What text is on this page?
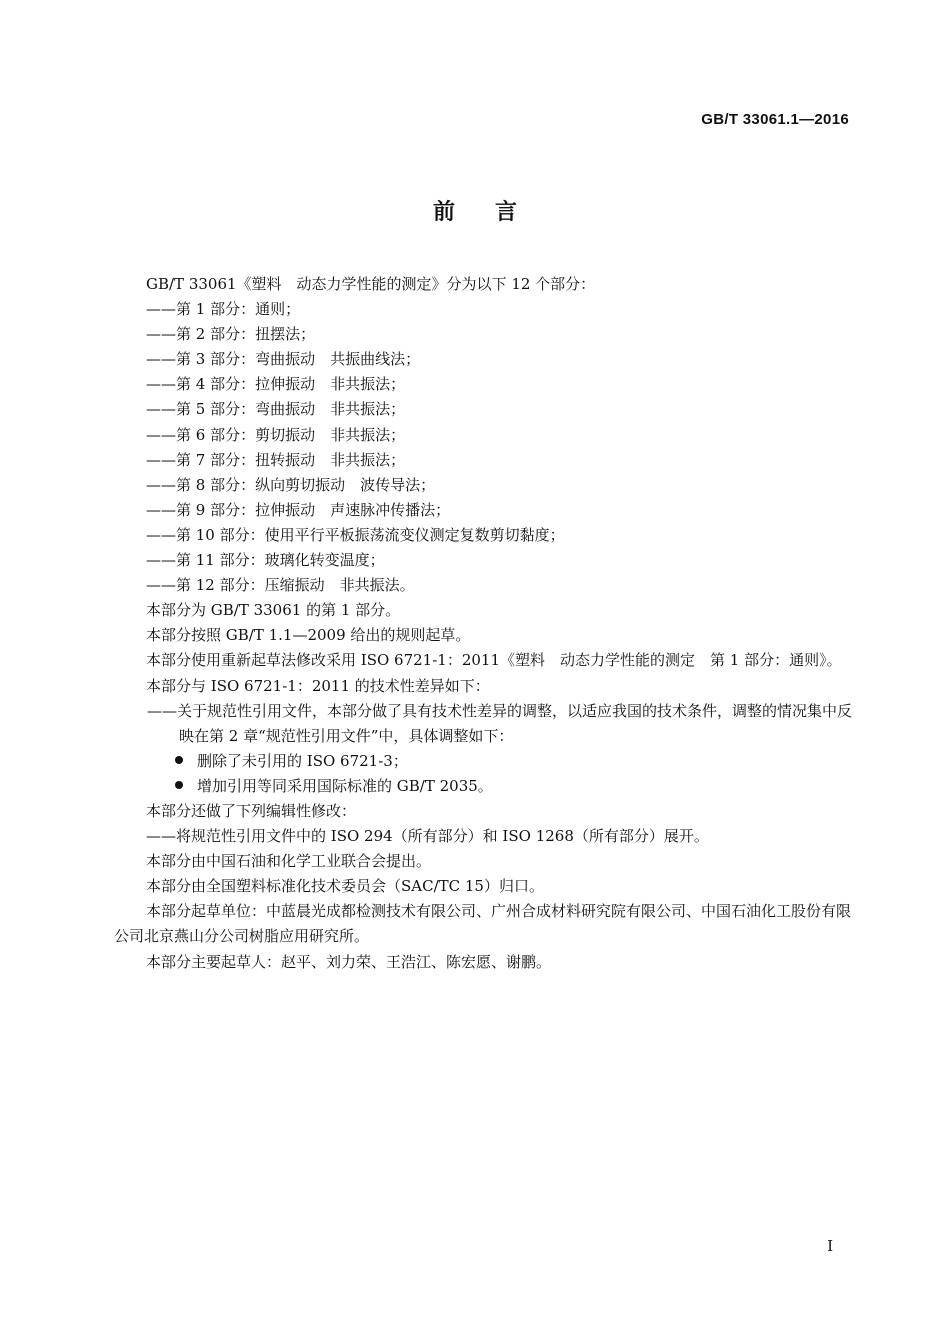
GB/T 33061.1—2016
前言
GB/T 33061《塑料　动态力学性能的测定》分为以下 12 个部分：
——第 1 部分：通则；
——第 2 部分：扭摆法；
——第 3 部分：弯曲振动　共振曲线法；
——第 4 部分：拉伸振动　非共振法；
——第 5 部分：弯曲振动　非共振法；
——第 6 部分：剪切振动　非共振法；
——第 7 部分：扭转振动　非共振法；
——第 8 部分：纵向剪切振动　波传导法；
——第 9 部分：拉伸振动　声速脉冲传播法；
——第 10 部分：使用平行平板振荡流变仪测定复数剪切黏度；
——第 11 部分：玻璃化转变温度；
——第 12 部分：压缩振动　非共振法。
本部分为 GB/T 33061 的第 1 部分。
本部分按照 GB/T 1.1—2009 给出的规则起草。
本部分使用重新起草法修改采用 ISO 6721-1：2011《塑料　动态力学性能的测定　第 1 部分：通则》。
本部分与 ISO 6721-1：2011 的技术性差异如下：
——关于规范性引用文件，本部分做了具有技术性差异的调整，以适应我国的技术条件，调整的情况集中反映在第 2 章“规范性引用文件”中，具体调整如下：
删除了未引用的 ISO 6721-3；
增加引用等同采用国际标准的 GB/T 2035。
本部分还做了下列编辑性修改：
——将规范性引用文件中的 ISO 294（所有部分）和 ISO 1268（所有部分）展开。
本部分由中国石油和化学工业联合会提出。
本部分由全国塑料标准化技术委员会（SAC/TC 15）归口。
本部分起草单位：中蓝晨光成都检测技术有限公司、广州合成材料研究院有限公司、中国石油化工股份有限公司北京燕山分公司树脂应用研究所。
本部分主要起草人：赵平、刘力荣、王浩江、陈宏愿、谢鹏。
I
